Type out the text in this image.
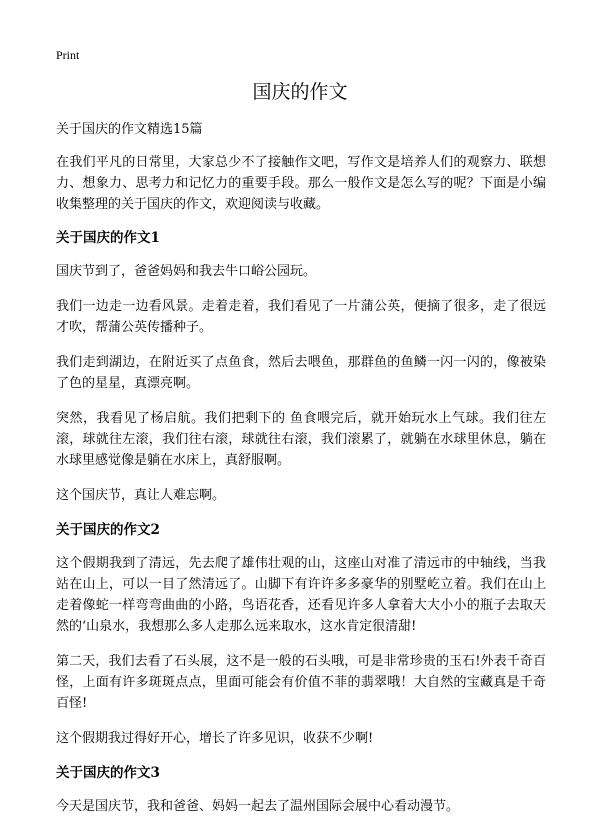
Print
国庆的作文

关于国庆的作文精选15篇

在我们平凡的日常里，大家总少不了接触作文吧，写作文是培养人们的观察力、联想力、想象力、思考力和记忆力的重要手段。那么一般作文是怎么写的呢？下面是小编收集整理的关于国庆的作文，欢迎阅读与收藏。

关于国庆的作文1

国庆节到了，爸爸妈妈和我去牛口峪公园玩。

我们一边走一边看风景。走着走着，我们看见了一片蒲公英，便摘了很多，走了很远才吹，帮蒲公英传播种子。

我们走到湖边，在附近买了点鱼食，然后去喂鱼，那群鱼的鱼鳞一闪一闪的，像被染了色的星星，真漂亮啊。

突然，我看见了杨启航。我们把剩下的 鱼食喂完后，就开始玩水上气球。我们往左滚，球就往左滚，我们往右滚，球就往右滚，我们滚累了，就躺在水球里休息，躺在水球里感觉像是躺在水床上，真舒服啊。

这个国庆节，真让人难忘啊。

关于国庆的作文2

这个假期我到了清远，先去爬了雄伟壮观的山，这座山对准了清远市的中轴线，当我站在山上，可以一目了然清远了。山脚下有许许多多豪华的别墅屹立着。我们在山上走着像蛇一样弯弯曲曲的小路，鸟语花香，还看见许多人拿着大大小小的瓶子去取天然的‘山泉水，我想那么多人走那么远来取水，这水肯定很清甜!

第二天，我们去看了石头展，这不是一般的石头哦，可是非常珍贵的玉石!外表千奇百怪，上面有许多斑斑点点，里面可能会有价值不菲的翡翠哦！大自然的宝藏真是千奇百怪!

这个假期我过得好开心，增长了许多见识，收获不少啊!

关于国庆的作文3

今天是国庆节，我和爸爸、妈妈一起去了温州国际会展中心看动漫节。
